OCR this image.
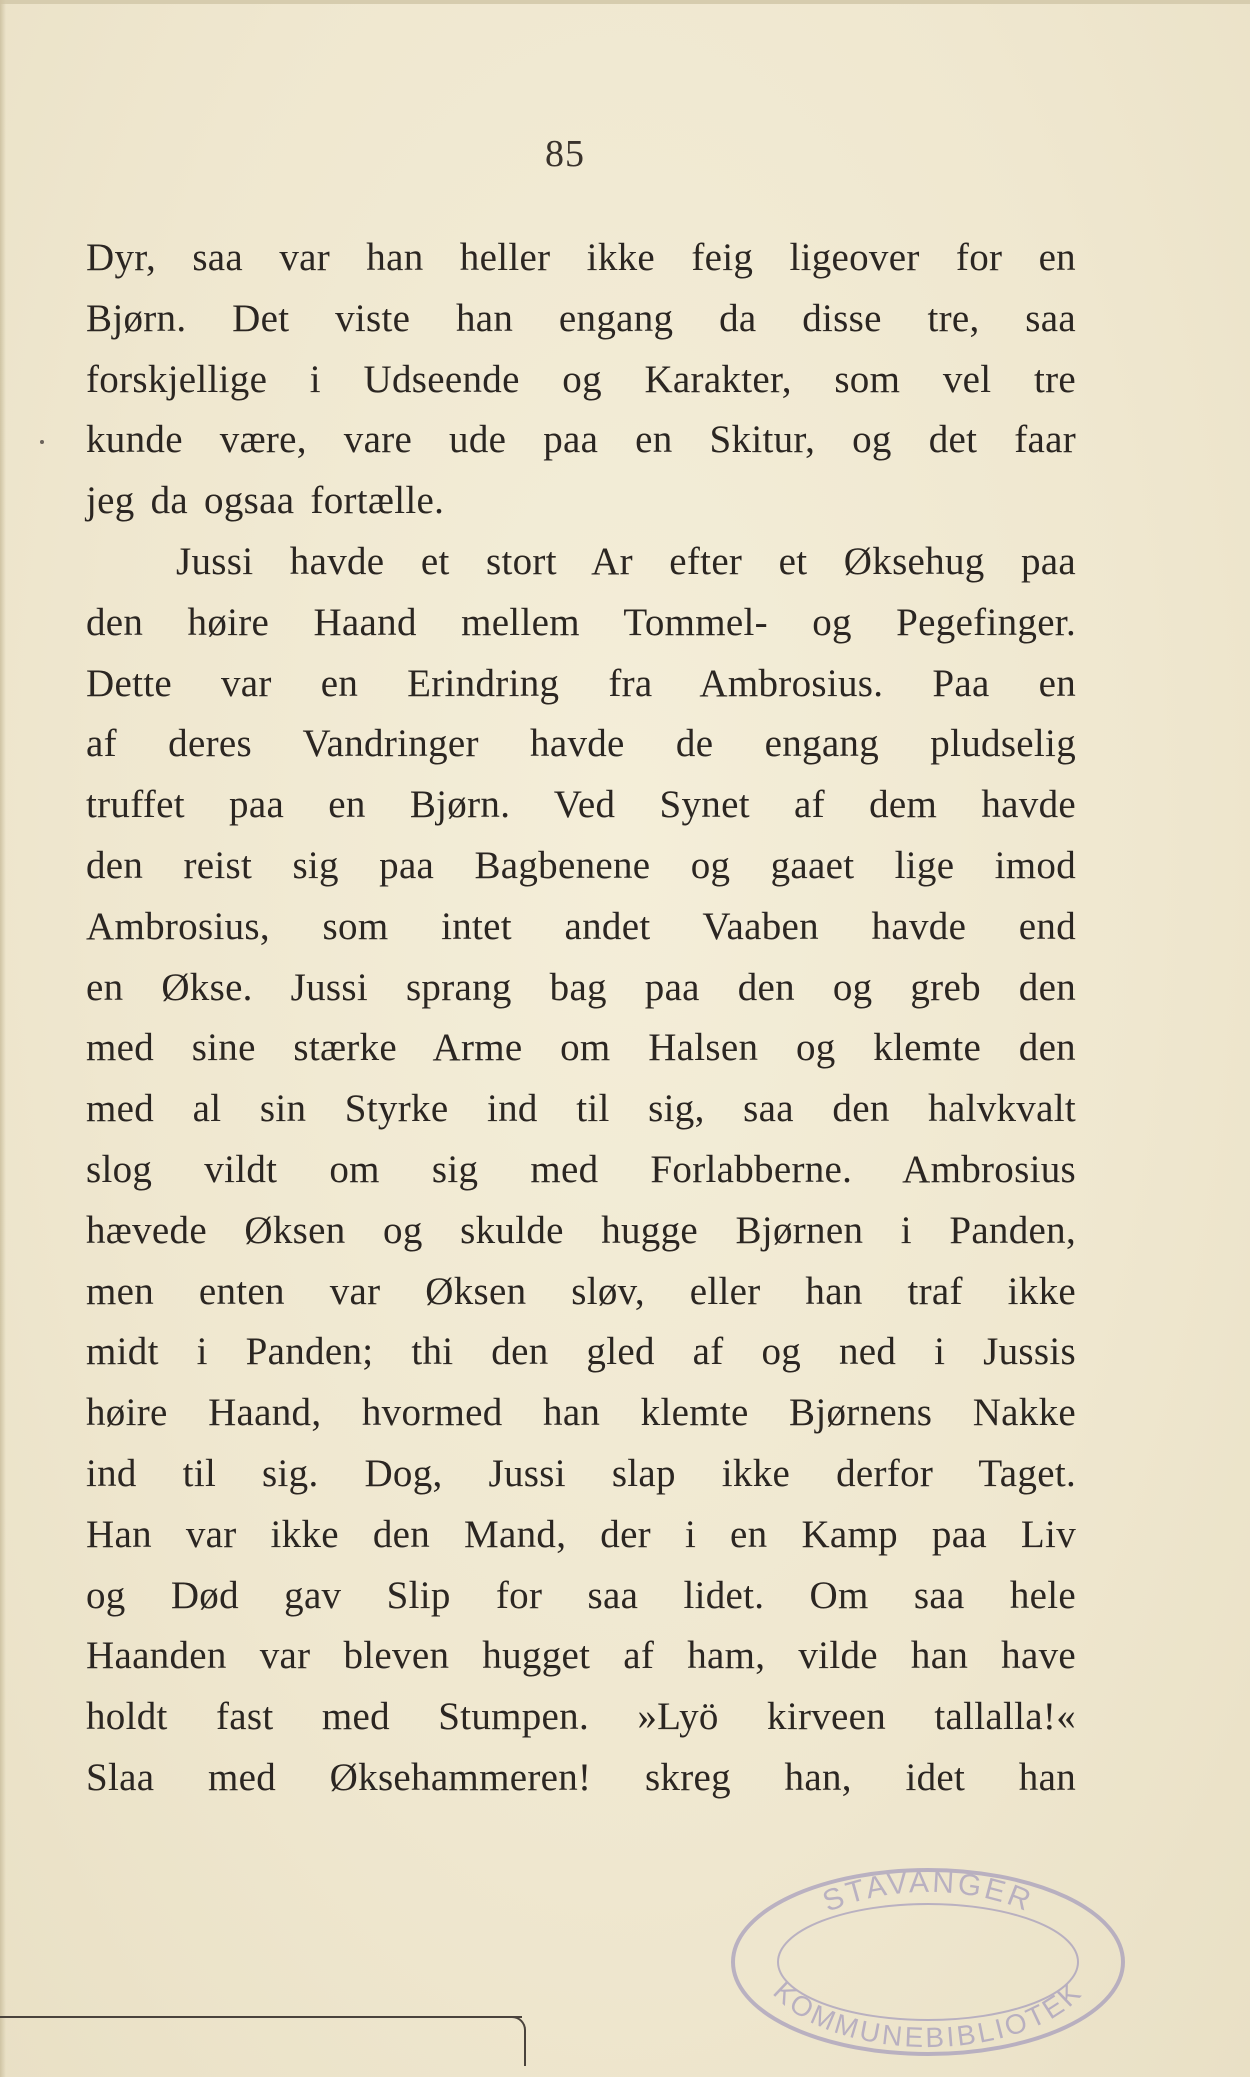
85
Dyr, saa var han heller ikke feig ligeover for en
Bjørn. Det viste han engang da disse tre, saa
forskjellige i Udseende og Karakter, som vel tre
kunde være, vare ude paa en Skitur, og det faar
jeg da ogsaa fortælle.
Jussi havde et stort Ar efter et Øksehug paa
den høire Haand mellem Tommel- og Pegefinger.
Dette var en Erindring fra Ambrosius. Paa en
af deres Vandringer havde de engang pludselig
truffet paa en Bjørn. Ved Synet af dem havde
den reist sig paa Bagbenene og gaaet lige imod
Ambrosius, som intet andet Vaaben havde end
en Økse. Jussi sprang bag paa den og greb den
med sine stærke Arme om Halsen og klemte den
med al sin Styrke ind til sig, saa den halvkvalt
slog vildt om sig med Forlabberne. Ambrosius
hævede Øksen og skulde hugge Bjørnen i Panden,
men enten var Øksen sløv, eller han traf ikke
midt i Panden; thi den gled af og ned i Jussis
høire Haand, hvormed han klemte Bjørnens Nakke
ind til sig. Dog, Jussi slap ikke derfor Taget.
Han var ikke den Mand, der i en Kamp paa Liv
og Død gav Slip for saa lidet. Om saa hele
Haanden var bleven hugget af ham, vilde han have
holdt fast med Stumpen. »Lyö kirveen tallalla!«
Slaa med Øksehammeren! skreg han, idet han
STAVANGER
KOMMUNEBIBLIOTEK
